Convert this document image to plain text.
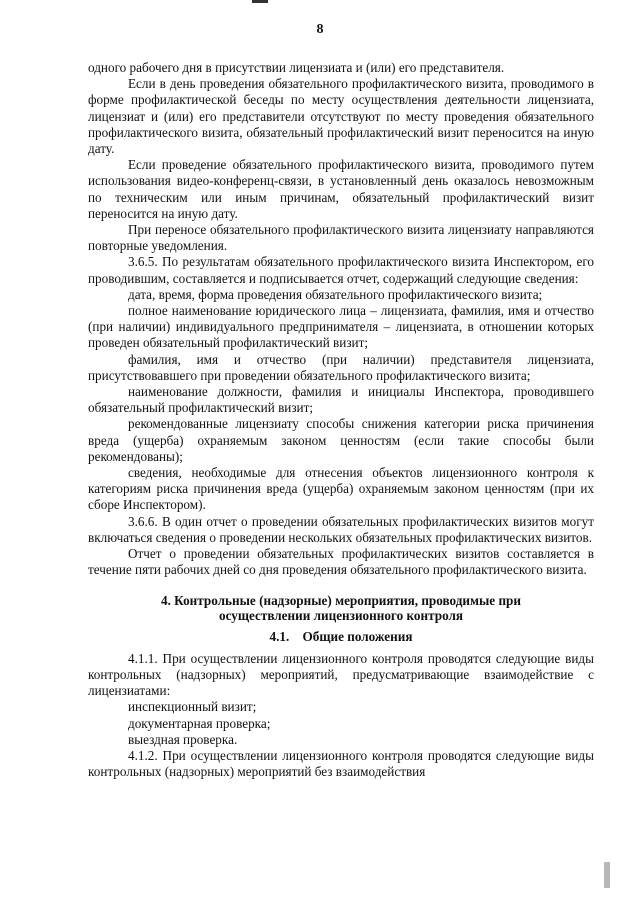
8

одного рабочего дня в присутствии лицензиата и (или) его представителя.

Если в день проведения обязательного профилактического визита, проводимого в форме профилактической беседы по месту осуществления деятельности лицензиата, лицензиат и (или) его представители отсутствуют по месту проведения обязательного профилактического визита, обязательный профилактический визит переносится на иную дату.

Если проведение обязательного профилактического визита, проводимого путем использования видео-конференц-связи, в установленный день оказалось невозможным по техническим или иным причинам, обязательный профилактический визит переносится на иную дату.

При переносе обязательного профилактического визита лицензиату направляются повторные уведомления.

3.6.5. По результатам обязательного профилактического визита Инспектором, его проводившим, составляется и подписывается отчет, содержащий следующие сведения:

дата, время, форма проведения обязательного профилактического визита;

полное наименование юридического лица – лицензиата, фамилия, имя и отчество (при наличии) индивидуального предпринимателя – лицензиата, в отношении которых проведен обязательный профилактический визит;

фамилия, имя и отчество (при наличии) представителя лицензиата, присутствовавшего при проведении обязательного профилактического визита;

наименование должности, фамилия и инициалы Инспектора, проводившего обязательный профилактический визит;

рекомендованные лицензиату способы снижения категории риска причинения вреда (ущерба) охраняемым законом ценностям (если такие способы были рекомендованы);

сведения, необходимые для отнесения объектов лицензионного контроля к категориям риска причинения вреда (ущерба) охраняемым законом ценностям (при их сборе Инспектором).

3.6.6. В один отчет о проведении обязательных профилактических визитов могут включаться сведения о проведении нескольких обязательных профилактических визитов.

Отчет о проведении обязательных профилактических визитов составляется в течение пяти рабочих дней со дня проведения обязательного профилактического визита.

4. Контрольные (надзорные) мероприятия, проводимые при
осуществлении лицензионного контроля
4.1.    Общие положения

4.1.1. При осуществлении лицензионного контроля проводятся следующие виды контрольных (надзорных) мероприятий, предусматривающие взаимодействие с лицензиатами:

инспекционный визит;

документарная проверка;

выездная проверка.

4.1.2. При осуществлении лицензионного контроля проводятся следующие виды контрольных (надзорных) мероприятий без взаимодействия
